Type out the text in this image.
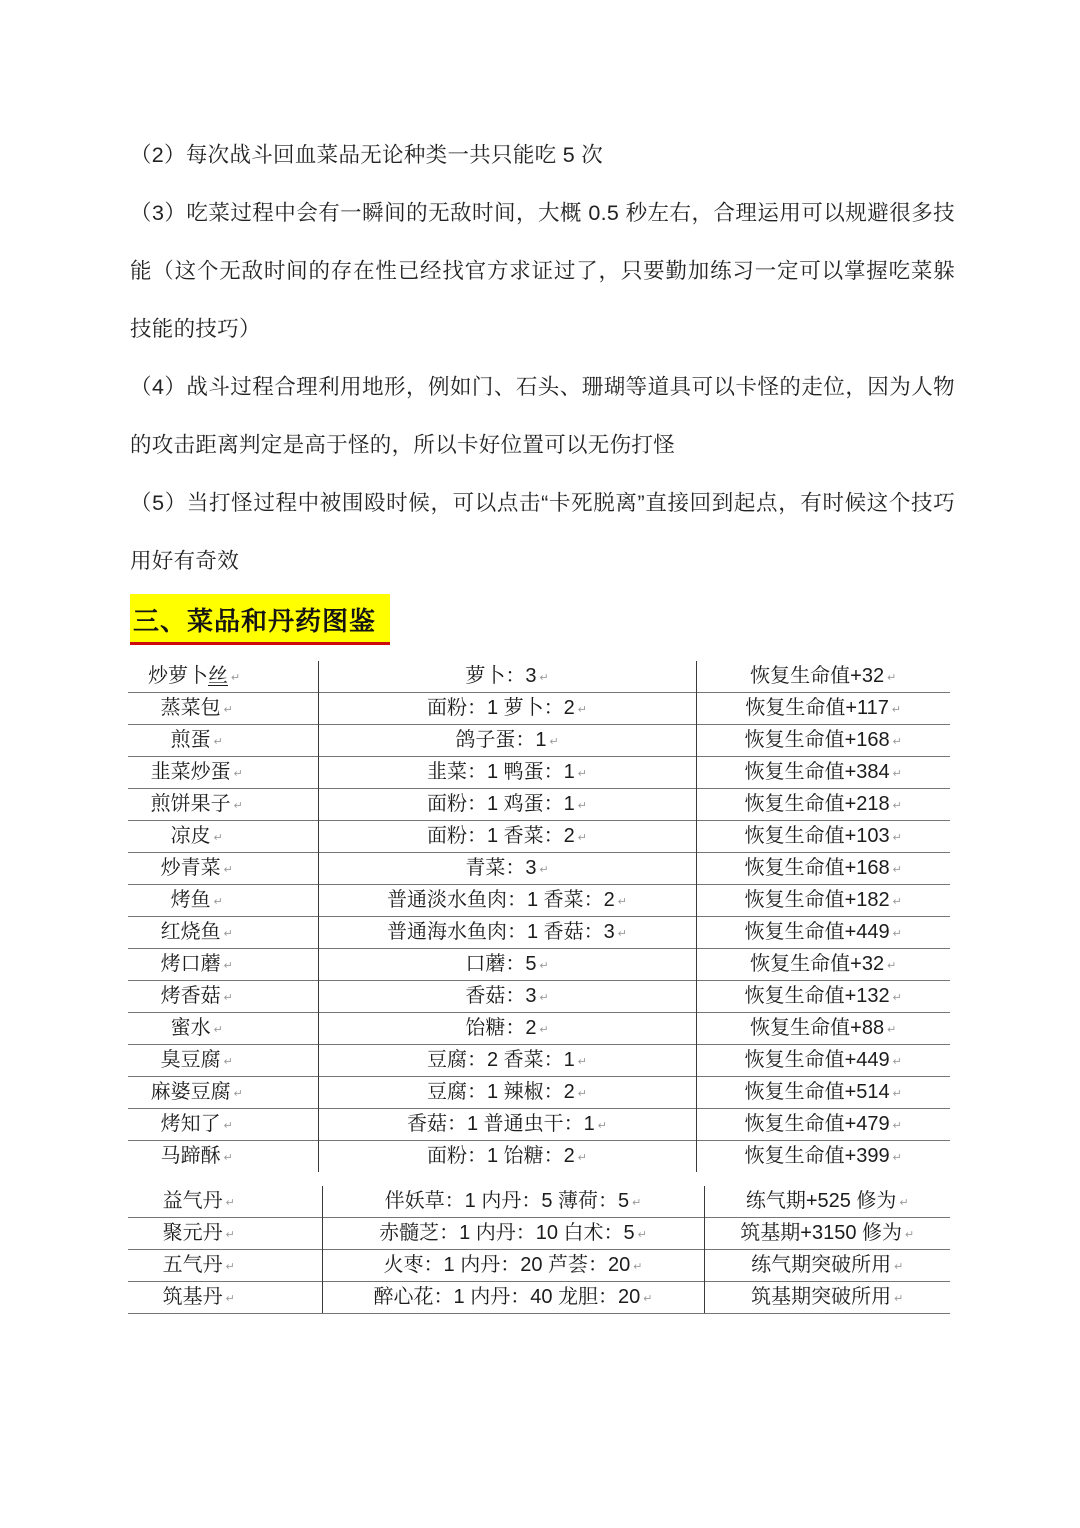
（2）每次战斗回血菜品无论种类一共只能吃 5 次

（3）吃菜过程中会有一瞬间的无敌时间，大概 0.5 秒左右，合理运用可以规避很多技能（这个无敌时间的存在性已经找官方求证过了，只要勤加练习一定可以掌握吃菜躲技能的技巧）

（4）战斗过程合理利用地形，例如门、石头、珊瑚等道具可以卡怪的走位，因为人物的攻击距离判定是高于怪的，所以卡好位置可以无伤打怪

（5）当打怪过程中被围殴时候，可以点击“卡死脱离”直接回到起点，有时候这个技巧用好有奇效

三、菜品和丹药图鉴
炒萝卜丝 ↵	萝卜：3 ↵	恢复生命值+32 ↵
蒸菜包 ↵	面粉：1 萝卜：2 ↵	恢复生命值+117 ↵
煎蛋 ↵	鸽子蛋：1 ↵	恢复生命值+168 ↵
韭菜炒蛋 ↵	韭菜：1 鸭蛋：1 ↵	恢复生命值+384 ↵
煎饼果子 ↵	面粉：1 鸡蛋：1 ↵	恢复生命值+218 ↵
凉皮 ↵	面粉：1 香菜：2 ↵	恢复生命值+103 ↵
炒青菜 ↵	青菜：3 ↵	恢复生命值+168 ↵
烤鱼 ↵	普通淡水鱼肉：1 香菜：2 ↵	恢复生命值+182 ↵
红烧鱼 ↵	普通海水鱼肉：1 香菇：3 ↵	恢复生命值+449 ↵
烤口蘑 ↵	口蘑：5 ↵	恢复生命值+32 ↵
烤香菇 ↵	香菇：3 ↵	恢复生命值+132 ↵
蜜水 ↵	饴糖：2 ↵	恢复生命值+88 ↵
臭豆腐 ↵	豆腐：2 香菜：1 ↵	恢复生命值+449 ↵
麻婆豆腐 ↵	豆腐：1 辣椒：2 ↵	恢复生命值+514 ↵
烤知了 ↵	香菇：1 普通虫干：1 ↵	恢复生命值+479 ↵
马蹄酥 ↵	面粉：1 饴糖：2 ↵	恢复生命值+399 ↵
益气丹 ↵	伴妖草：1 内丹：5 薄荷：5 ↵	练气期+525 修为 ↵
聚元丹 ↵	赤髓芝：1 内丹：10 白术：5 ↵	筑基期+3150 修为 ↵
五气丹 ↵	火枣：1 内丹：20 芦荟：20 ↵	练气期突破所用 ↵
筑基丹 ↵	醉心花：1 内丹：40 龙胆：20 ↵	筑基期突破所用 ↵
